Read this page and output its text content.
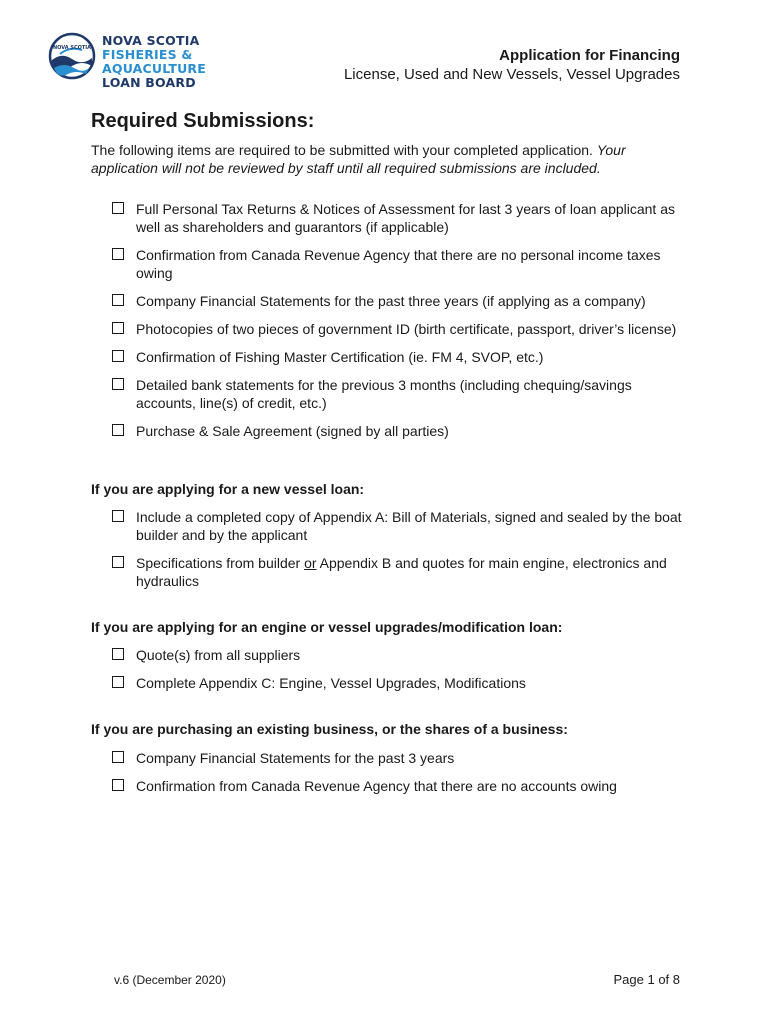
NOVA SCOTIA NOVA SCOTIA
FISHERIES & AQUACULTURE
LOAN BOARD
Application for Financing
License, Used and New Vessels, Vessel Upgrades
Required Submissions:
The following items are required to be submitted with your completed application. Your application will not be reviewed by staff until all required submissions are included.
Full Personal Tax Returns & Notices of Assessment for last 3 years of loan applicant as well as shareholders and guarantors (if applicable)
Confirmation from Canada Revenue Agency that there are no personal income taxes owing
Company Financial Statements for the past three years (if applying as a company)
Photocopies of two pieces of government ID (birth certificate, passport, driver’s license)
Confirmation of Fishing Master Certification (ie. FM 4, SVOP, etc.)
Detailed bank statements for the previous 3 months (including chequing/savings accounts, line(s) of credit, etc.)
Purchase & Sale Agreement (signed by all parties)
If you are applying for a new vessel loan:
Include a completed copy of Appendix A: Bill of Materials, signed and sealed by the boat builder and by the applicant
Specifications from builder or Appendix B and quotes for main engine, electronics and hydraulics
If you are applying for an engine or vessel upgrades/modification loan:
Quote(s) from all suppliers
Complete Appendix C: Engine, Vessel Upgrades, Modifications
If you are purchasing an existing business, or the shares of a business:
Company Financial Statements for the past 3 years
Confirmation from Canada Revenue Agency that there are no accounts owing
v.6 (December 2020)	Page 1 of 8
